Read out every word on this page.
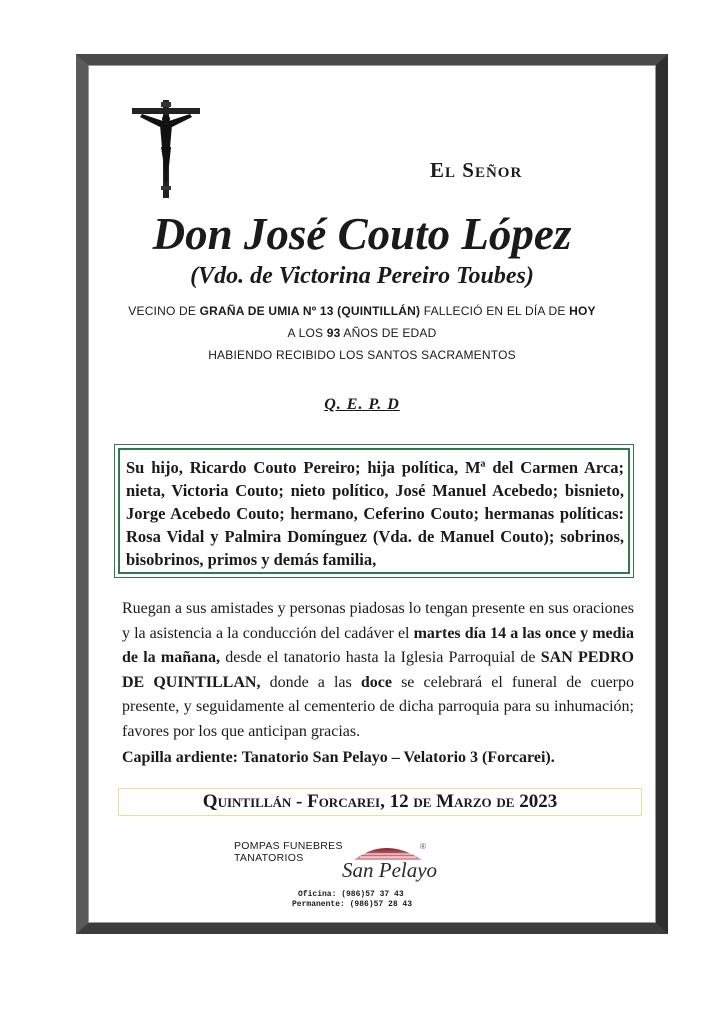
El Señor
Don José Couto López
(Vdo. de Victorina Pereiro Toubes)
VECINO DE GRAÑA DE UMIA Nº 13 (QUINTILLÁN) FALLECIÓ EN EL DÍA DE HOY
A LOS 93 AÑOS DE EDAD
HABIENDO RECIBIDO LOS SANTOS SACRAMENTOS
Q. E. P. D

Su hijo, Ricardo Couto Pereiro; hija política, Mª del Carmen Arca; nieta, Victoria Couto; nieto político, José Manuel Acebedo; bisnieto, Jorge Acebedo Couto; hermano, Ceferino Couto; hermanas políticas: Rosa Vidal y Palmira Domínguez (Vda. de Manuel Couto); sobrinos, bisobrinos, primos y demás familia,

Ruegan a sus amistades y personas piadosas lo tengan presente en sus oraciones y la asistencia a la conducción del cadáver el martes día 14 a las once y media de la mañana, desde el tanatorio hasta la Iglesia Parroquial de SAN PEDRO DE QUINTILLAN, donde a las doce se celebrará el funeral de cuerpo presente, y seguidamente al cementerio de dicha parroquia para su inhumación; favores por los que anticipan gracias.

Capilla ardiente: Tanatorio San Pelayo – Velatorio 3 (Forcarei).
Quintillán - Forcarei, 12 de Marzo de 2023
POMPAS FUNEBRES
TANATORIOS	San Pelayo
®
Oficina: (986)57 37 43
Permanente: (986)57 28 43
